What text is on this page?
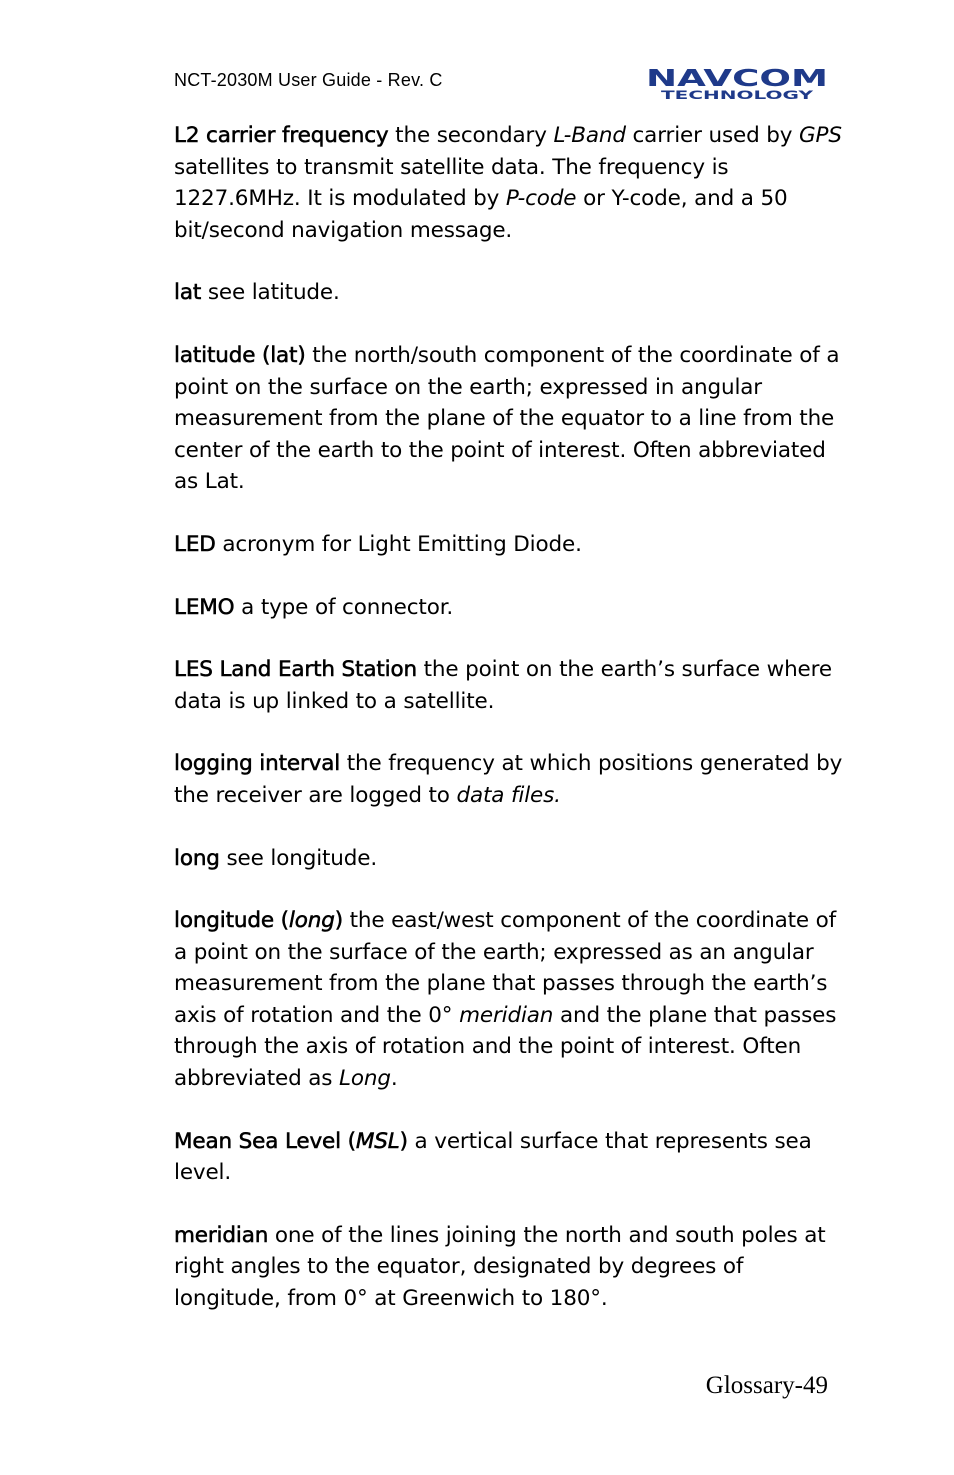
NCT-2030M User Guide - Rev. C	NAVCOM
TECHNOLOGY

L2 carrier frequency the secondary L-Band carrier used by GPS satellites to transmit satellite data. The frequency is 1227.6MHz. It is modulated by P-code or Y-code, and a 50 bit/second navigation message.

lat see latitude.

latitude (lat) the north/south component of the coordinate of a point on the surface on the earth; expressed in angular measurement from the plane of the equator to a line from the center of the earth to the point of interest. Often abbreviated as Lat.

LED acronym for Light Emitting Diode.

LEMO a type of connector.

LES Land Earth Station the point on the earth’s surface where data is up linked to a satellite.

logging interval the frequency at which positions generated by the receiver are logged to data files.

long see longitude.

longitude (long) the east/west component of the coordinate of a point on the surface of the earth; expressed as an angular measurement from the plane that passes through the earth’s axis of rotation and the 0° meridian and the plane that passes through the axis of rotation and the point of interest. Often abbreviated as Long.

Mean Sea Level (MSL) a vertical surface that represents sea level.

meridian one of the lines joining the north and south poles at right angles to the equator, designated by degrees of longitude, from 0° at Greenwich to 180°.

Glossary-49
